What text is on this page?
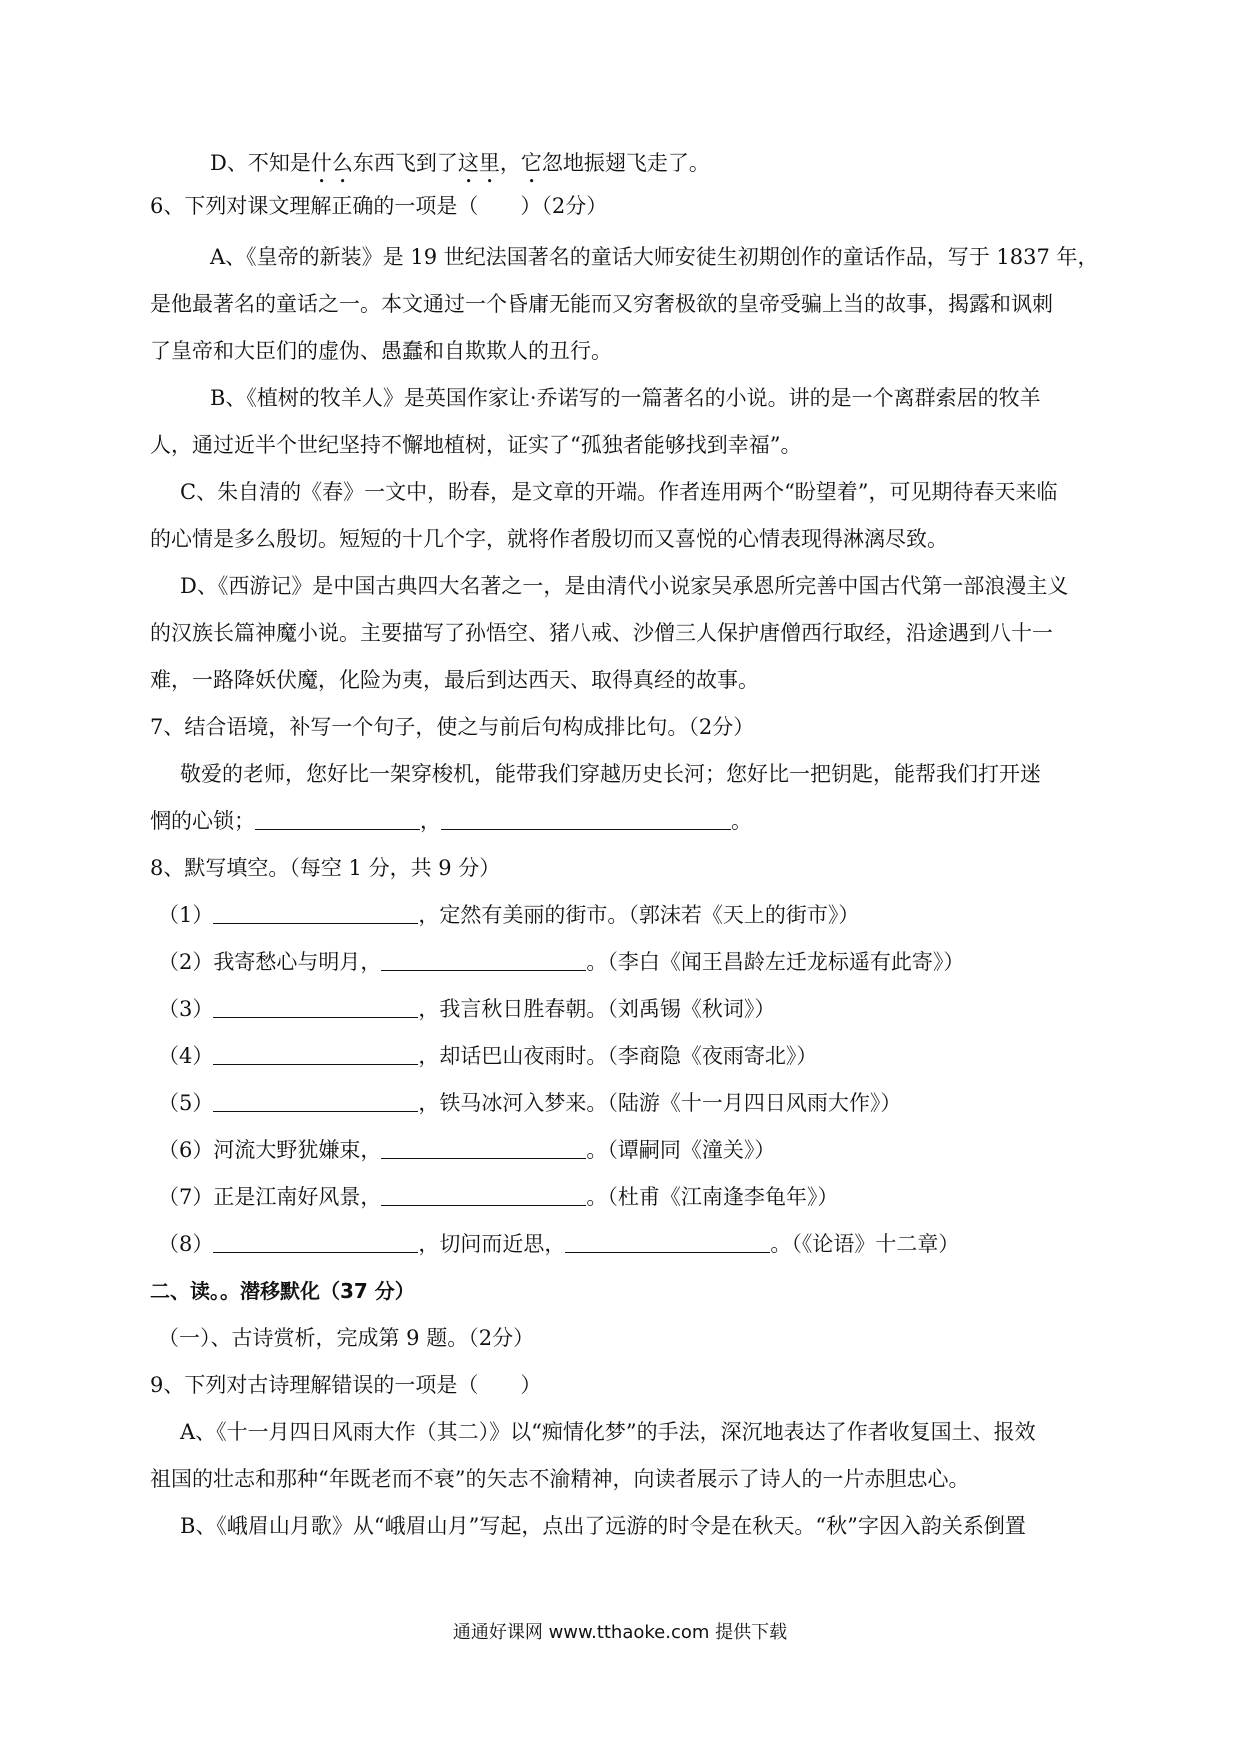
D、不知是什么东西飞到了这里，它忽地振翅飞走了。
6、下列对课文理解正确的一项是（　　）（2分）
A、《皇帝的新装》是 19 世纪法国著名的童话大师安徒生初期创作的童话作品，写于 1837 年，
是他最著名的童话之一。本文通过一个昏庸无能而又穷奢极欲的皇帝受骗上当的故事，揭露和讽刺
了皇帝和大臣们的虚伪、愚蠢和自欺欺人的丑行。
B、《植树的牧羊人》是英国作家让·乔诺写的一篇著名的小说。讲的是一个离群索居的牧羊
人，通过近半个世纪坚持不懈地植树，证实了“孤独者能够找到幸福”。
C、朱自清的《春》一文中，盼春，是文章的开端。作者连用两个“盼望着”，可见期待春天来临
的心情是多么殷切。短短的十几个字，就将作者殷切而又喜悦的心情表现得淋漓尽致。
D、《西游记》是中国古典四大名著之一，是由清代小说家吴承恩所完善中国古代第一部浪漫主义
的汉族长篇神魔小说。主要描写了孙悟空、猪八戒、沙僧三人保护唐僧西行取经，沿途遇到八十一
难，一路降妖伏魔，化险为夷，最后到达西天、取得真经的故事。
7、结合语境，补写一个句子，使之与前后句构成排比句。（2分）
敬爱的老师，您好比一架穿梭机，能带我们穿越历史长河；您好比一把钥匙，能帮我们打开迷
惘的心锁；	，	。
8、默写填空。（每空 1 分，共 9 分）
（1）	，定然有美丽的街市。（郭沫若《天上的街市》）
（2）我寄愁心与明月，	。（李白《闻王昌龄左迁龙标遥有此寄》）
（3）	，我言秋日胜春朝。（刘禹锡《秋词》）
（4）	，却话巴山夜雨时。（李商隐《夜雨寄北》）
（5）	，铁马冰河入梦来。（陆游《十一月四日风雨大作》）
（6）河流大野犹嫌束，	。（谭嗣同《潼关》）
（7）正是江南好风景，	。（杜甫《江南逢李龟年》）
（8）	，切问而近思，	。（《论语》十二章）
二、读。。潜移默化（37 分）
（一）、古诗赏析，完成第 9 题。（2分）
9、下列对古诗理解错误的一项是（　　）
A、《十一月四日风雨大作（其二）》以“痴情化梦”的手法，深沉地表达了作者收复国土、报效
祖国的壮志和那种“年既老而不衰”的矢志不渝精神，向读者展示了诗人的一片赤胆忠心。
B、《峨眉山月歌》从“峨眉山月”写起，点出了远游的时令是在秋天。“秋”字因入韵关系倒置
通通好课网 www.tthaoke.com 提供下载
